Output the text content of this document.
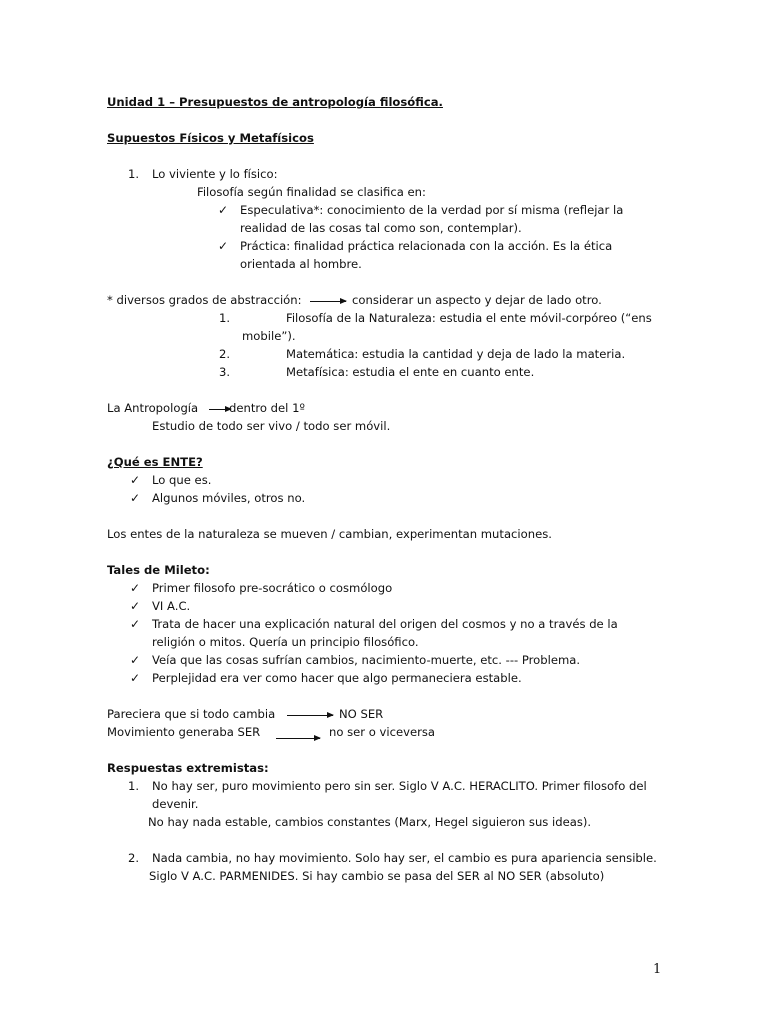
Unidad 1 – Presupuestos de antropología filosófica.
Supuestos Físicos y Metafísicos
1. Lo viviente y lo físico:
Filosofía según finalidad se clasifica en:
✓ Especulativa*: conocimiento de la verdad por sí misma (reflejar la
realidad de las cosas tal como son, contemplar).
✓ Práctica: finalidad práctica relacionada con la acción. Es la ética
orientada al hombre.
* diversos grados de abstracción:	considerar un aspecto y dejar de lado otro.
1.	Filosofía de la Naturaleza: estudia el ente móvil-corpóreo (“ens
mobile”).
2.	Matemática: estudia la cantidad y deja de lado la materia.
3.	Metafísica: estudia el ente en cuanto ente.
La Antropología	dentro del 1º
Estudio de todo ser vivo / todo ser móvil.
¿Qué es ENTE?
✓ Lo que es.
✓ Algunos móviles, otros no.
Los entes de la naturaleza se mueven / cambian, experimentan mutaciones.
Tales de Mileto:
✓ Primer filosofo pre-socrático o cosmólogo
✓ VI A.C.
✓ Trata de hacer una explicación natural del origen del cosmos y no a través de la
religión o mitos. Quería un principio filosófico.
✓ Veía que las cosas sufrían cambios, nacimiento-muerte, etc. --- Problema.
✓ Perplejidad era ver como hacer que algo permaneciera estable.
Pareciera que si todo cambia	NO SER
Movimiento generaba SER	no ser o viceversa
Respuestas extremistas:
1. No hay ser, puro movimiento pero sin ser. Siglo V A.C. HERACLITO. Primer filosofo del
devenir.
No hay nada estable, cambios constantes (Marx, Hegel siguieron sus ideas).
2. Nada cambia, no hay movimiento. Solo hay ser, el cambio es pura apariencia sensible.
Siglo V A.C. PARMENIDES. Si hay cambio se pasa del SER al NO SER (absoluto)
1
